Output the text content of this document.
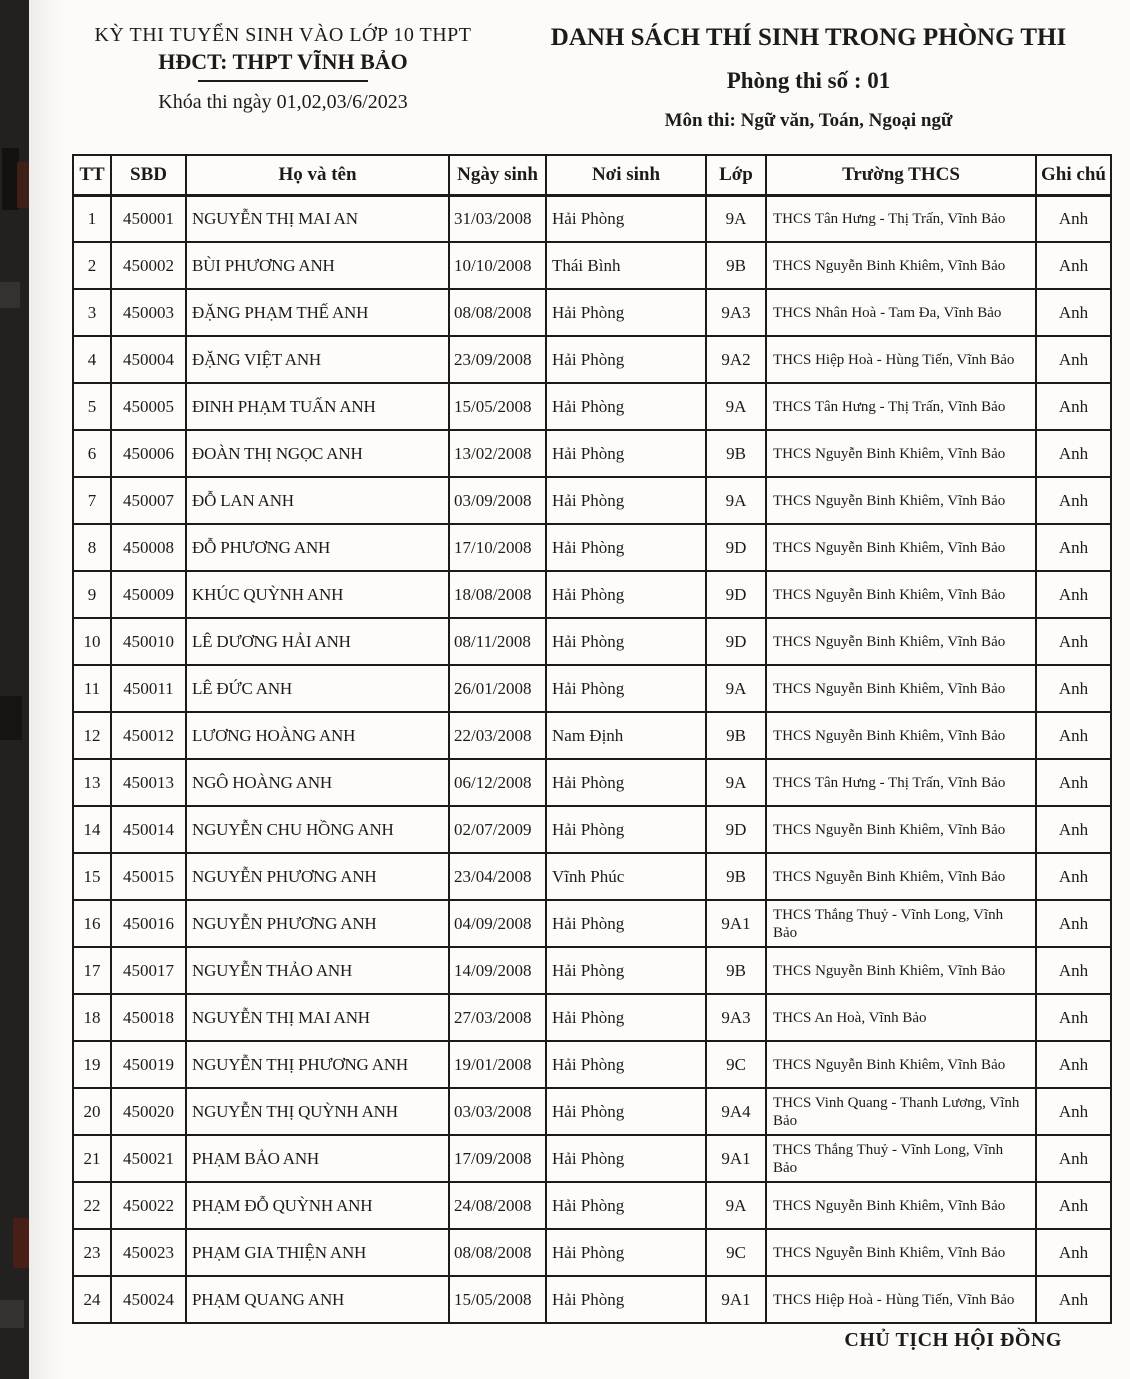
KỲ THI TUYỂN SINH VÀO LỚP 10 THPT
HĐCT: THPT VĨNH BẢO
Khóa thi ngày 01,02,03/6/2023
DANH SÁCH THÍ SINH TRONG PHÒNG THI
Phòng thi số : 01
Môn thi: Ngữ văn, Toán, Ngoại ngữ
TT	SBD	Họ và tên	Ngày sinh	Nơi sinh	Lớp	Trường THCS	Ghi chú
1	450001	NGUYỄN THỊ MAI AN	31/03/2008	Hải Phòng	9A	THCS Tân Hưng - Thị Trấn, Vĩnh Bảo	Anh
2	450002	BÙI PHƯƠNG ANH	10/10/2008	Thái Bình	9B	THCS Nguyễn Binh Khiêm, Vĩnh Bảo	Anh
3	450003	ĐẶNG PHẠM THẾ ANH	08/08/2008	Hải Phòng	9A3	THCS Nhân Hoà - Tam Đa, Vĩnh Bảo	Anh
4	450004	ĐẶNG VIỆT ANH	23/09/2008	Hải Phòng	9A2	THCS Hiệp Hoà - Hùng Tiến, Vĩnh Bảo	Anh
5	450005	ĐINH PHẠM TUẤN ANH	15/05/2008	Hải Phòng	9A	THCS Tân Hưng - Thị Trấn, Vĩnh Bảo	Anh
6	450006	ĐOÀN THỊ NGỌC ANH	13/02/2008	Hải Phòng	9B	THCS Nguyễn Binh Khiêm, Vĩnh Bảo	Anh
7	450007	ĐỖ LAN ANH	03/09/2008	Hải Phòng	9A	THCS Nguyễn Binh Khiêm, Vĩnh Bảo	Anh
8	450008	ĐỖ PHƯƠNG ANH	17/10/2008	Hải Phòng	9D	THCS Nguyễn Binh Khiêm, Vĩnh Bảo	Anh
9	450009	KHÚC QUỲNH ANH	18/08/2008	Hải Phòng	9D	THCS Nguyễn Binh Khiêm, Vĩnh Bảo	Anh
10	450010	LÊ DƯƠNG HẢI ANH	08/11/2008	Hải Phòng	9D	THCS Nguyễn Binh Khiêm, Vĩnh Bảo	Anh
11	450011	LÊ ĐỨC ANH	26/01/2008	Hải Phòng	9A	THCS Nguyễn Binh Khiêm, Vĩnh Bảo	Anh
12	450012	LƯƠNG HOÀNG ANH	22/03/2008	Nam Định	9B	THCS Nguyễn Binh Khiêm, Vĩnh Bảo	Anh
13	450013	NGÔ HOÀNG ANH	06/12/2008	Hải Phòng	9A	THCS Tân Hưng - Thị Trấn, Vĩnh Bảo	Anh
14	450014	NGUYỄN CHU HỒNG ANH	02/07/2009	Hải Phòng	9D	THCS Nguyễn Binh Khiêm, Vĩnh Bảo	Anh
15	450015	NGUYỄN PHƯƠNG ANH	23/04/2008	Vĩnh Phúc	9B	THCS Nguyễn Binh Khiêm, Vĩnh Bảo	Anh
16	450016	NGUYỄN PHƯƠNG ANH	04/09/2008	Hải Phòng	9A1	THCS Thắng Thuỷ - Vĩnh Long, Vĩnh Bảo	Anh
17	450017	NGUYỄN THẢO ANH	14/09/2008	Hải Phòng	9B	THCS Nguyễn Binh Khiêm, Vĩnh Bảo	Anh
18	450018	NGUYỄN THỊ MAI ANH	27/03/2008	Hải Phòng	9A3	THCS An Hoà, Vĩnh Bảo	Anh
19	450019	NGUYỄN THỊ PHƯƠNG ANH	19/01/2008	Hải Phòng	9C	THCS Nguyễn Binh Khiêm, Vĩnh Bảo	Anh
20	450020	NGUYỄN THỊ QUỲNH ANH	03/03/2008	Hải Phòng	9A4	THCS Vinh Quang - Thanh Lương, Vĩnh Bảo	Anh
21	450021	PHẠM BẢO ANH	17/09/2008	Hải Phòng	9A1	THCS Thắng Thuỷ - Vĩnh Long, Vĩnh Bảo	Anh
22	450022	PHẠM ĐỖ QUỲNH ANH	24/08/2008	Hải Phòng	9A	THCS Nguyễn Binh Khiêm, Vĩnh Bảo	Anh
23	450023	PHẠM GIA THIỆN ANH	08/08/2008	Hải Phòng	9C	THCS Nguyễn Binh Khiêm, Vĩnh Bảo	Anh
24	450024	PHẠM QUANG ANH	15/05/2008	Hải Phòng	9A1	THCS Hiệp Hoà - Hùng Tiến, Vĩnh Bảo	Anh
CHỦ TỊCH HỘI ĐỒNG
